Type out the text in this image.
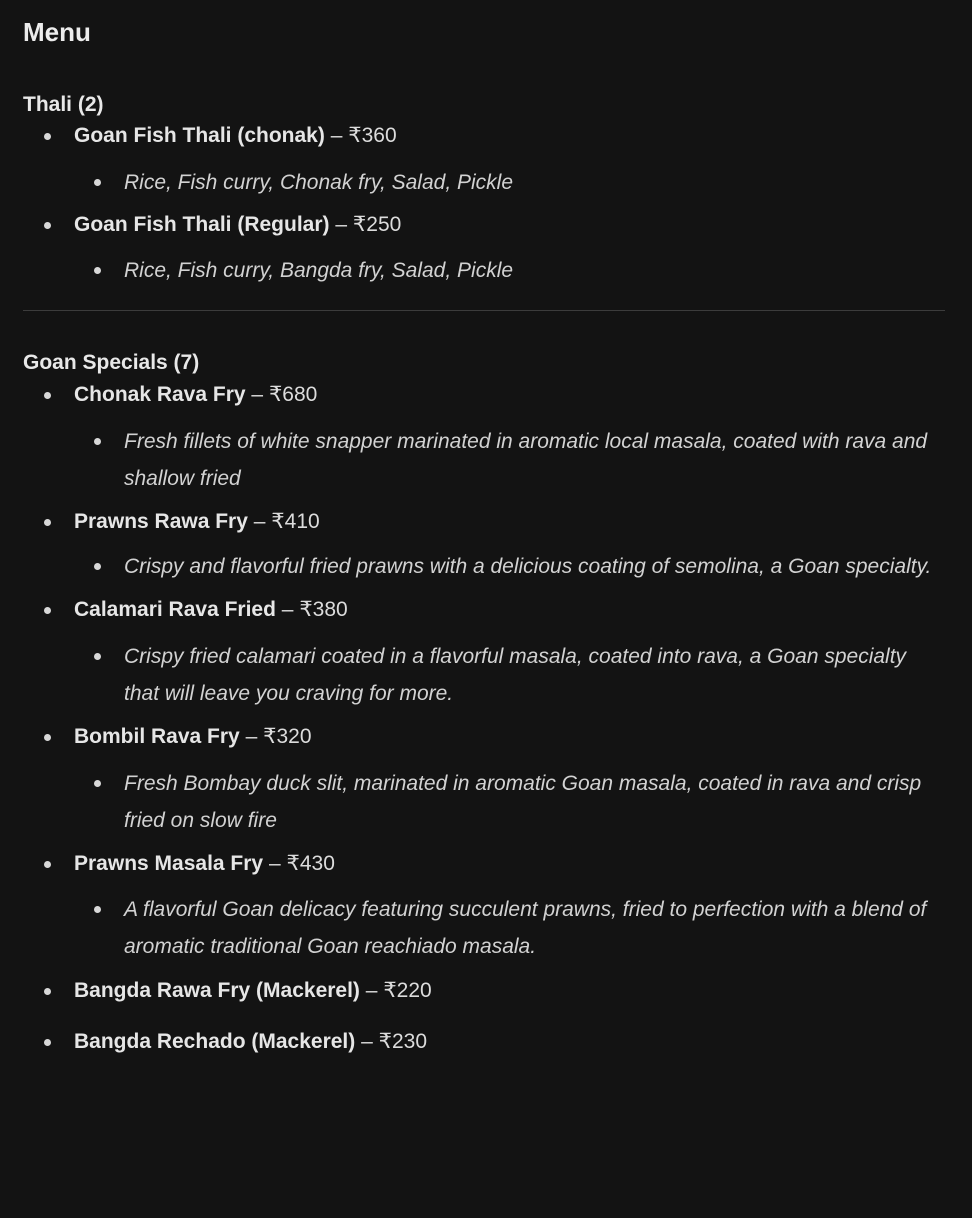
Menu
Thali (2)
Goan Fish Thali (chonak) – ₹360
Rice, Fish curry, Chonak fry, Salad, Pickle
Goan Fish Thali (Regular) – ₹250
Rice, Fish curry, Bangda fry, Salad, Pickle
Goan Specials (7)
Chonak Rava Fry – ₹680
Fresh fillets of white snapper marinated in aromatic local masala, coated with rava and shallow fried
Prawns Rawa Fry – ₹410
Crispy and flavorful fried prawns with a delicious coating of semolina, a Goan specialty.
Calamari Rava Fried – ₹380
Crispy fried calamari coated in a flavorful masala, coated into rava, a Goan specialty that will leave you craving for more.
Bombil Rava Fry – ₹320
Fresh Bombay duck slit, marinated in aromatic Goan masala, coated in rava and crisp fried on slow fire
Prawns Masala Fry – ₹430
A flavorful Goan delicacy featuring succulent prawns, fried to perfection with a blend of aromatic traditional Goan reachiado masala.
Bangda Rawa Fry (Mackerel) – ₹220
Bangda Rechado (Mackerel) – ₹230
